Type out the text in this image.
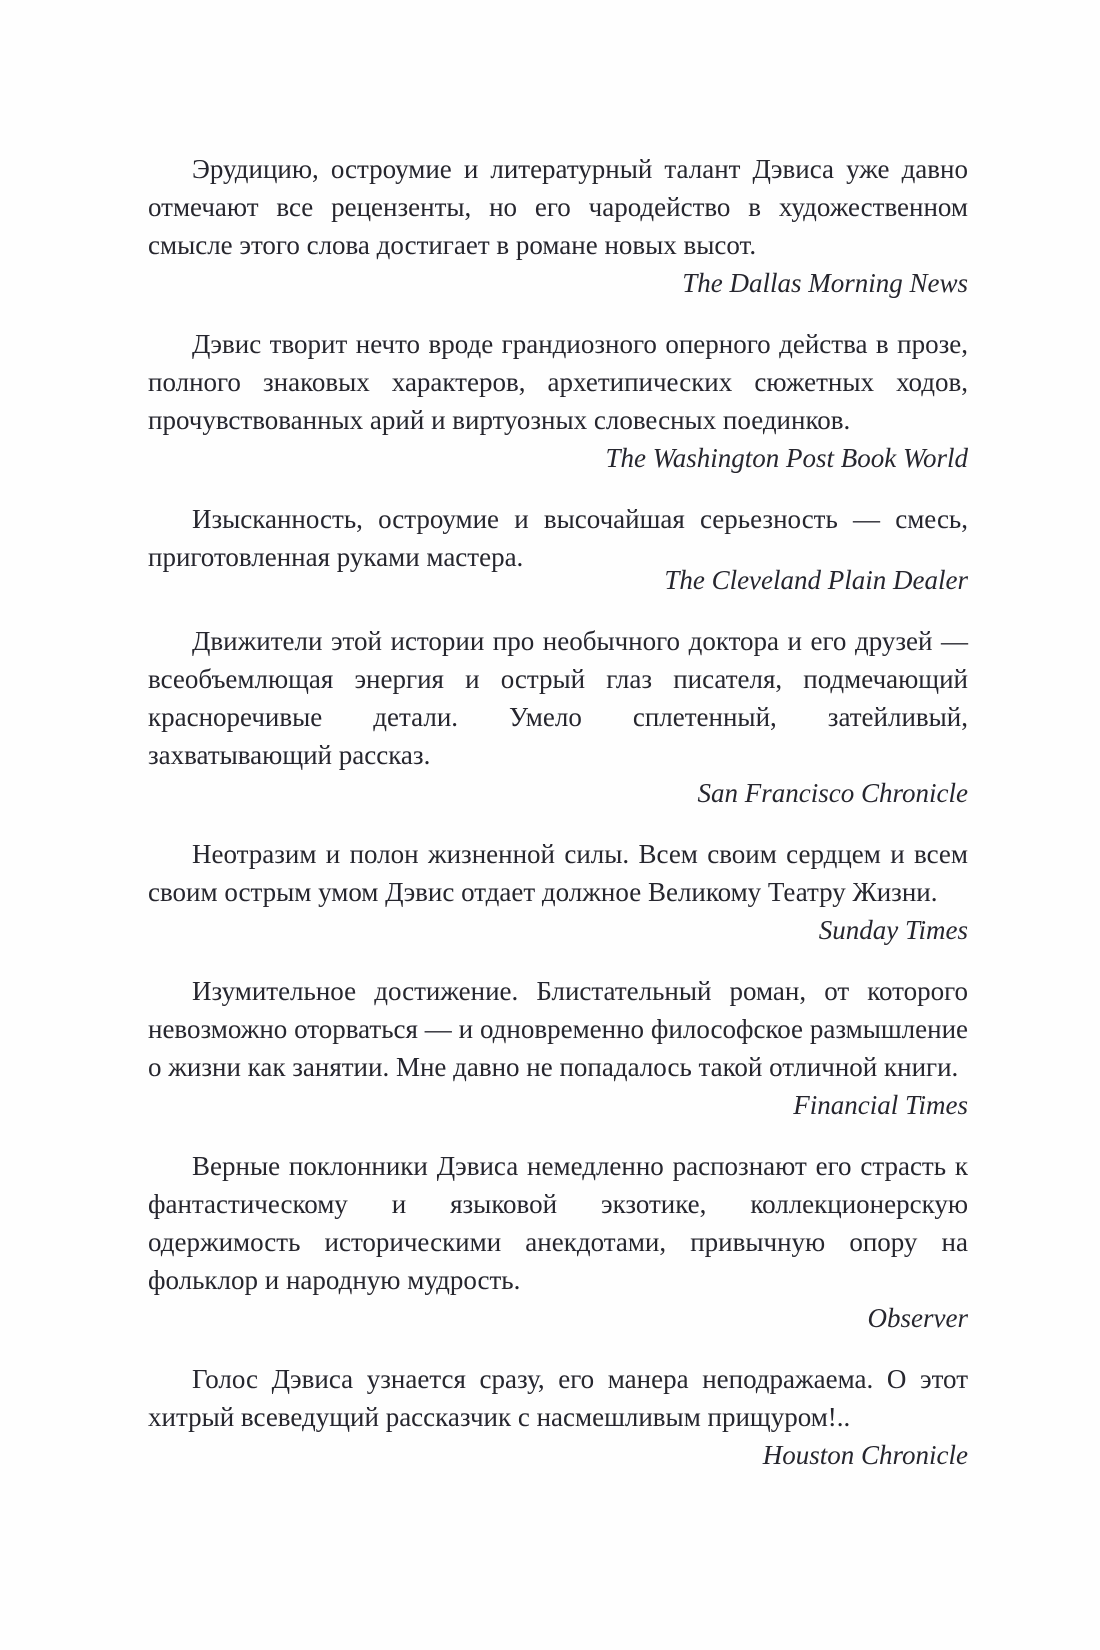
Эрудицию, остроумие и литературный талант Дэвиса уже давно отмечают все рецензенты, но его чародейство в художественном смысле этого слова достигает в романе новых высот.

The Dallas Morning News

Дэвис творит нечто вроде грандиозного оперного действа в прозе, полного знаковых характеров, архетипических сюжетных ходов, прочувствованных арий и виртуозных словесных поединков.

The Washington Post Book World

Изысканность, остроумие и высочайшая серьезность — смесь, приготовленная руками мастера.

The Cleveland Plain Dealer

Движители этой истории про необычного доктора и его друзей — всеобъемлющая энергия и острый глаз писателя, подмечающий красноречивые детали. Умело сплетенный, затейливый, захватывающий рассказ.

San Francisco Chronicle

Неотразим и полон жизненной силы. Всем своим сердцем и всем своим острым умом Дэвис отдает должное Великому Театру Жизни.

Sunday Times

Изумительное достижение. Блистательный роман, от которого невозможно оторваться — и одновременно философское размышление о жизни как занятии. Мне давно не попадалось такой отличной книги.

Financial Times

Верные поклонники Дэвиса немедленно распознают его страсть к фантастическому и языковой экзотике, коллекционерскую одержимость историческими анекдотами, привычную опору на фольклор и народную мудрость.

Observer

Голос Дэвиса узнается сразу, его манера неподражаема. О этот хитрый всеведущий рассказчик с насмешливым прищуром!..

Houston Chronicle
